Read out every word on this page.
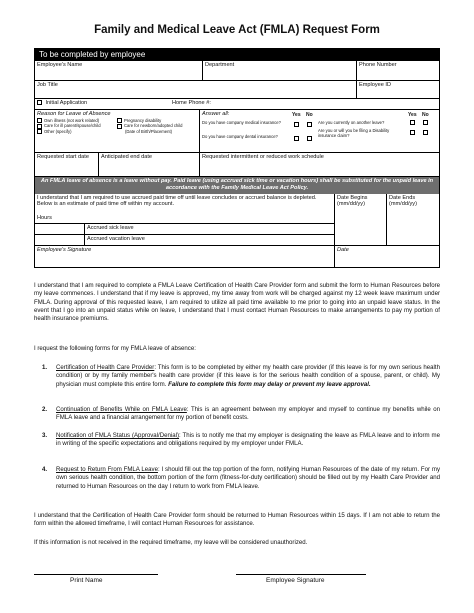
Family and Medical Leave Act (FMLA) Request Form
To be completed by employee
Employee's Name	Department	Phone Number
Job Title	Employee ID
Initial Application	Home Phone #:
Reason for Leave of Absence
Own illness (not work related)
Care for ill parent/spouse/child
Other (specify)
Pregnancy disability
Care for newborn/adopted child
(Date of Birth/Placement)
Answer all:	Yes No	Yes No
Do you have company medical insurance?
Do you have company dental insurance?
Are you currently on another leave?
Are you or will you be filing a Disability insurance claim?
Requested start date	Anticipated end date	Requested intermittent or reduced work schedule
An FMLA leave of absence is a leave without pay. Paid leave (using accrued sick time or vacation hours) shall be substituted for the unpaid leave in accordance with the Family Medical Leave Act Policy.
I understand that I am required to use accrued paid time off until leave concludes or accrued balance is depleted. Below is an estimate of paid time off within my account.
Hours
Date Begins (mm/dd/yy)
Date Ends (mm/dd/yy)
Accrued sick leave
Accrued vacation leave
Employee's Signature	Date
I understand that I am required to complete a FMLA Leave Certification of Health Care Provider form and submit the form to Human Resources before my leave commences. I understand that if my leave is approved, my time away from work will be charged against my 12 week leave maximum under FMLA. During approval of this requested leave, I am required to utilize all paid time available to me prior to going into an unpaid leave status. In the event that I go into an unpaid status while on leave, I understand that I must contact Human Resources to make arrangements to pay my portion of health insurance premiums.
I request the following forms for my FMLA leave of absence:
1. Certification of Health Care Provider: This form is to be completed by either my health care provider (if this leave is for my own serious health condition) or by my family member's health care provider (if this leave is for the serious health condition of a spouse, parent, or child). My physician must complete this entire form. Failure to complete this form may delay or prevent my leave approval.
2. Continuation of Benefits While on FMLA Leave: This is an agreement between my employer and myself to continue my benefits while on FMLA leave and a financial arrangement for my portion of benefit costs.
3. Notification of FMLA Status (Approval/Denial): This is to notify me that my employer is designating the leave as FMLA leave and to inform me in writing of the specific expectations and obligations required by my employer under FMLA.
4. Request to Return From FMLA Leave: I should fill out the top portion of the form, notifying Human Resources of the date of my return. For my own serious health condition, the bottom portion of the form (fitness-for-duty certification) should be filled out by my Health Care Provider and returned to Human Resources on the day I return to work from FMLA leave.
I understand that the Certification of Health Care Provider form should be returned to Human Resources within 15 days. If I am not able to return the form within the allowed timeframe, I will contact Human Resources for assistance.
If this information is not received in the required timeframe, my leave will be considered unauthorized.
Print Name	Employee Signature
